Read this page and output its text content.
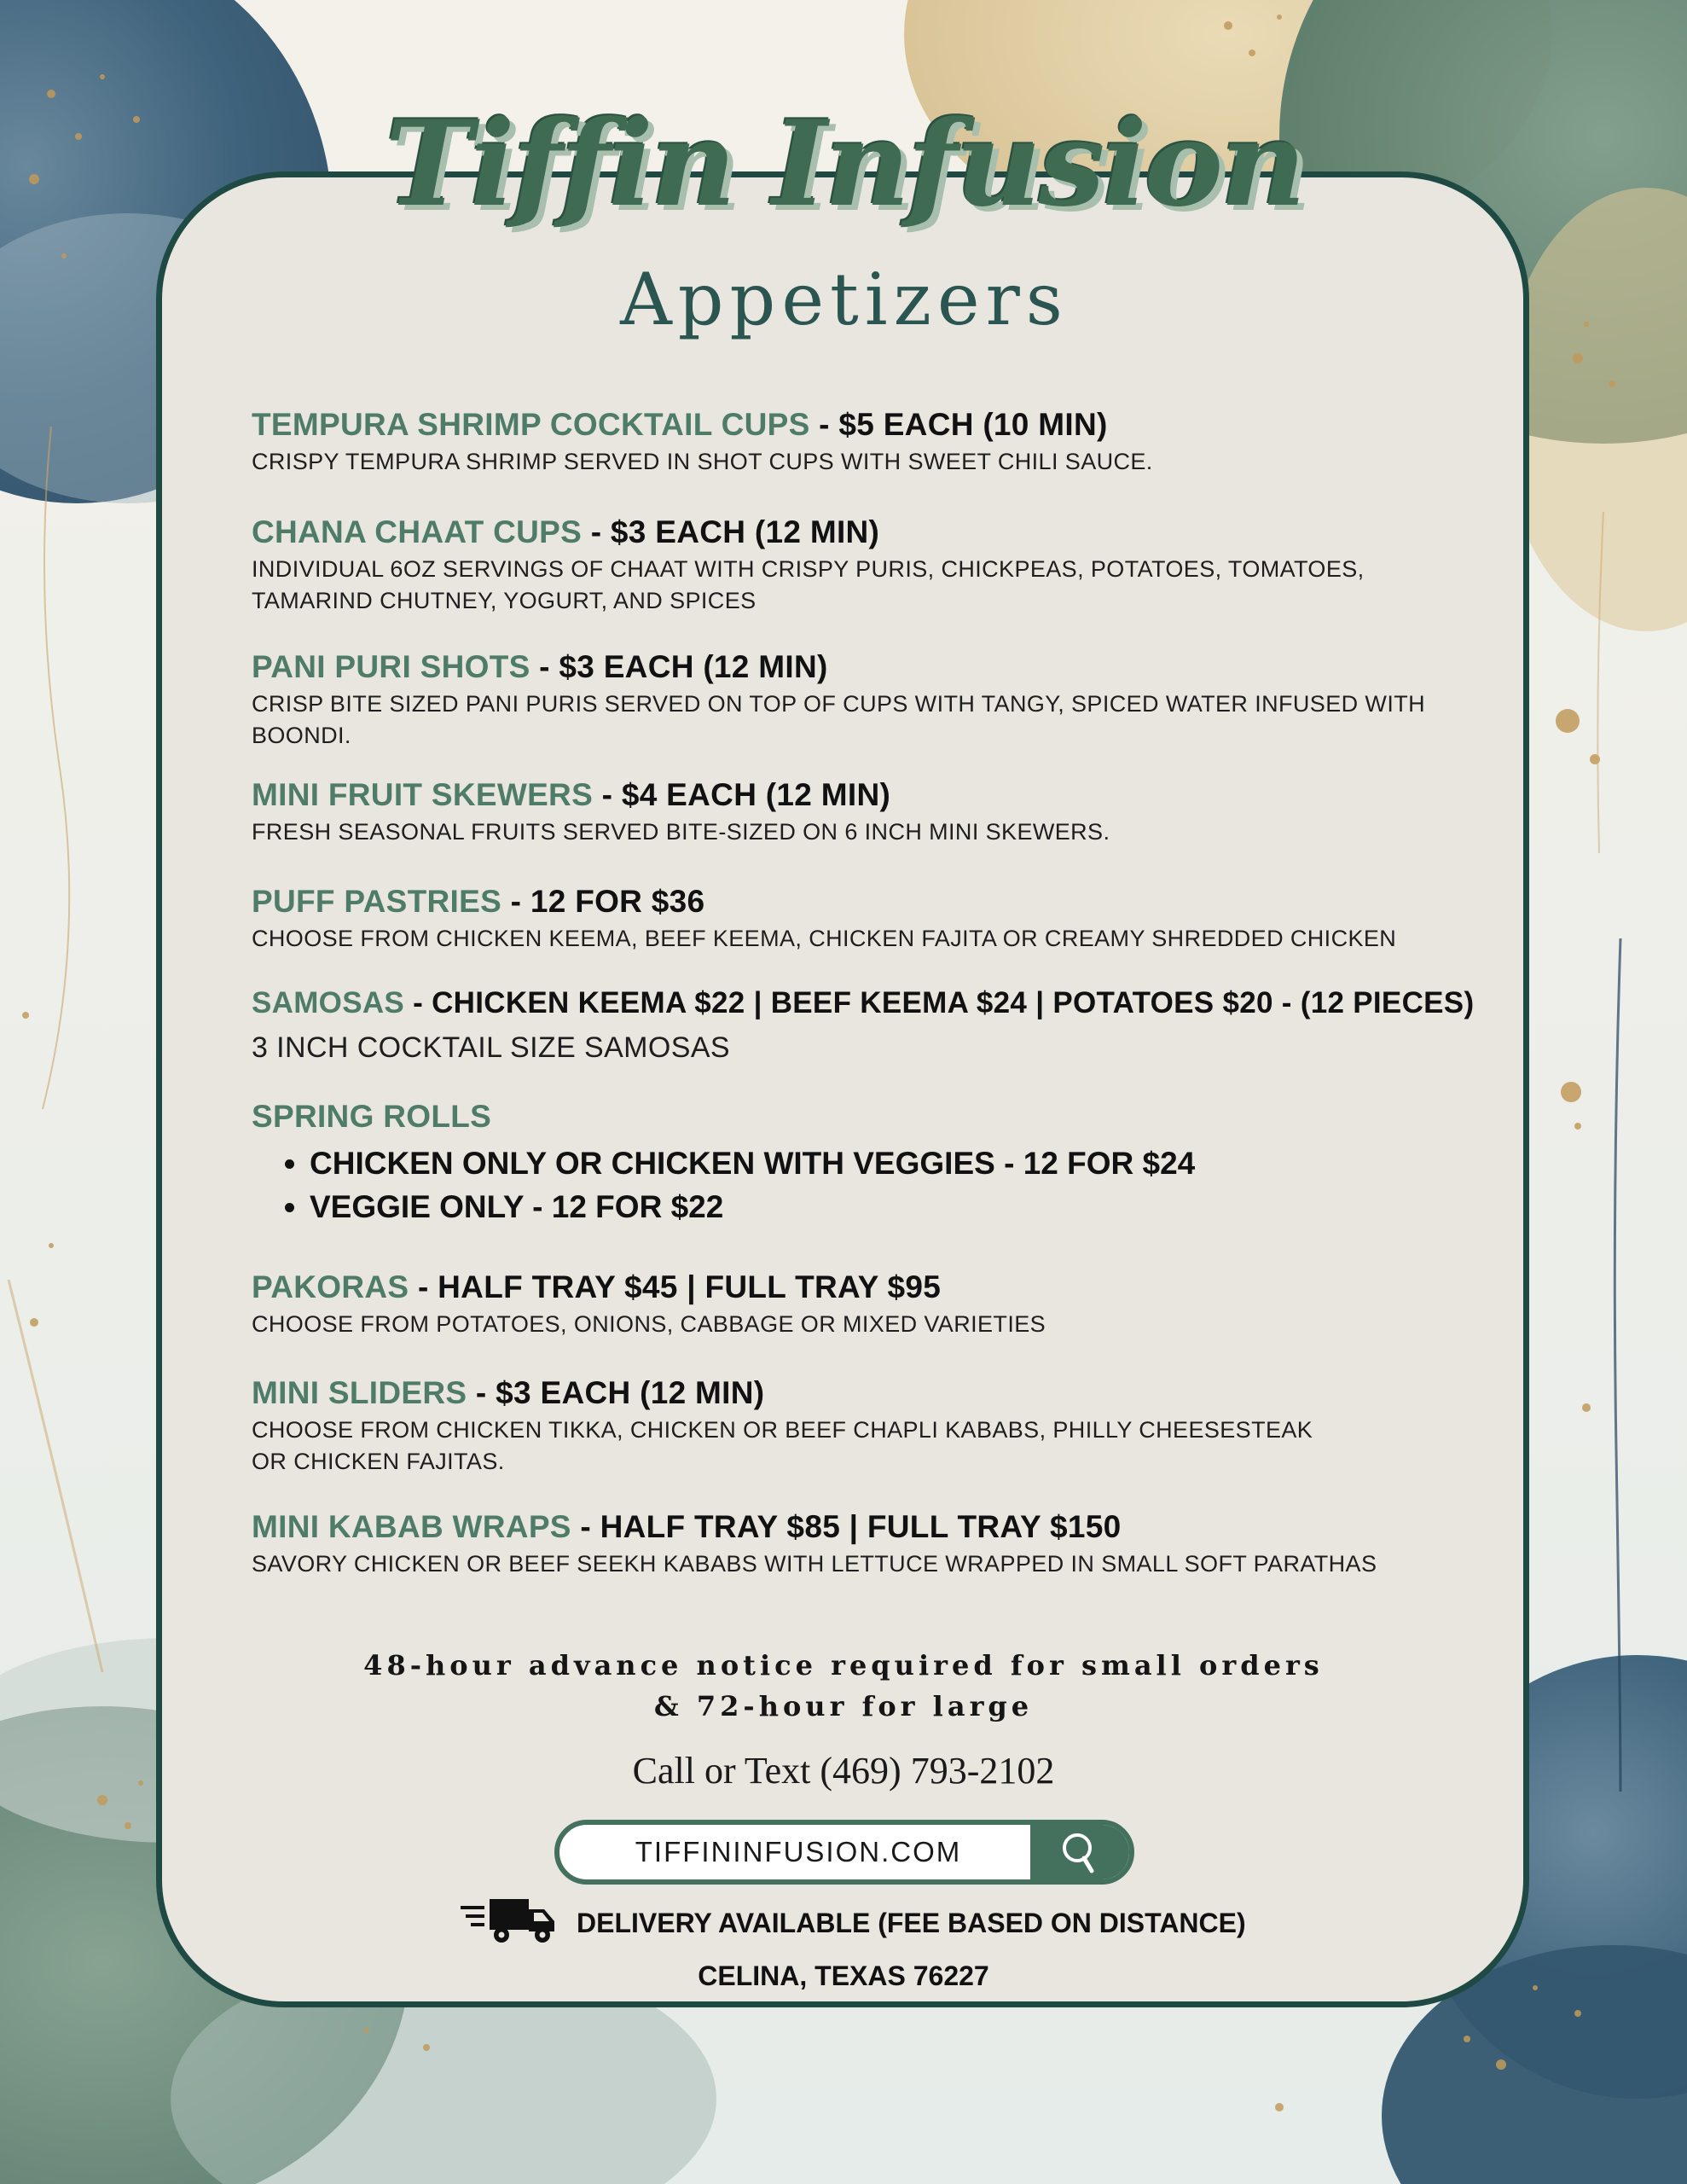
Tiffin Infusion
Appetizers
TEMPURA SHRIMP COCKTAIL CUPS - $5 EACH (10 MIN)
CRISPY TEMPURA SHRIMP SERVED IN SHOT CUPS WITH SWEET CHILI SAUCE.
CHANA CHAAT CUPS - $3 EACH (12 MIN)
INDIVIDUAL 6OZ SERVINGS OF CHAAT WITH CRISPY PURIS, CHICKPEAS, POTATOES, TOMATOES,
TAMARIND CHUTNEY, YOGURT, AND SPICES
PANI PURI SHOTS - $3 EACH (12 MIN)
CRISP BITE SIZED PANI PURIS SERVED ON TOP OF CUPS WITH TANGY, SPICED WATER INFUSED WITH
BOONDI.
MINI FRUIT SKEWERS - $4 EACH (12 MIN)
FRESH SEASONAL FRUITS SERVED BITE-SIZED ON 6 INCH MINI SKEWERS.
PUFF PASTRIES - 12 FOR $36
CHOOSE FROM CHICKEN KEEMA, BEEF KEEMA, CHICKEN FAJITA OR CREAMY SHREDDED CHICKEN
SAMOSAS - CHICKEN KEEMA $22 | BEEF KEEMA $24 | POTATOES $20 - (12 PIECES)
3 INCH COCKTAIL SIZE SAMOSAS
SPRING ROLLS
• CHICKEN ONLY OR CHICKEN WITH VEGGIES - 12 FOR $24
• VEGGIE ONLY - 12 FOR $22
PAKORAS - HALF TRAY $45 | FULL TRAY $95
CHOOSE FROM POTATOES, ONIONS, CABBAGE OR MIXED VARIETIES
MINI SLIDERS - $3 EACH (12 MIN)
CHOOSE FROM CHICKEN TIKKA, CHICKEN OR BEEF CHAPLI KABABS, PHILLY CHEESESTEAK
OR CHICKEN FAJITAS.
MINI KABAB WRAPS - HALF TRAY $85 | FULL TRAY $150
SAVORY CHICKEN OR BEEF SEEKH KABABS WITH LETTUCE WRAPPED IN SMALL SOFT PARATHAS
48-hour advance notice required for small orders
& 72-hour for large
Call or Text (469) 793-2102
TIFFININFUSION.COM
DELIVERY AVAILABLE (FEE BASED ON DISTANCE)
CELINA, TEXAS 76227
